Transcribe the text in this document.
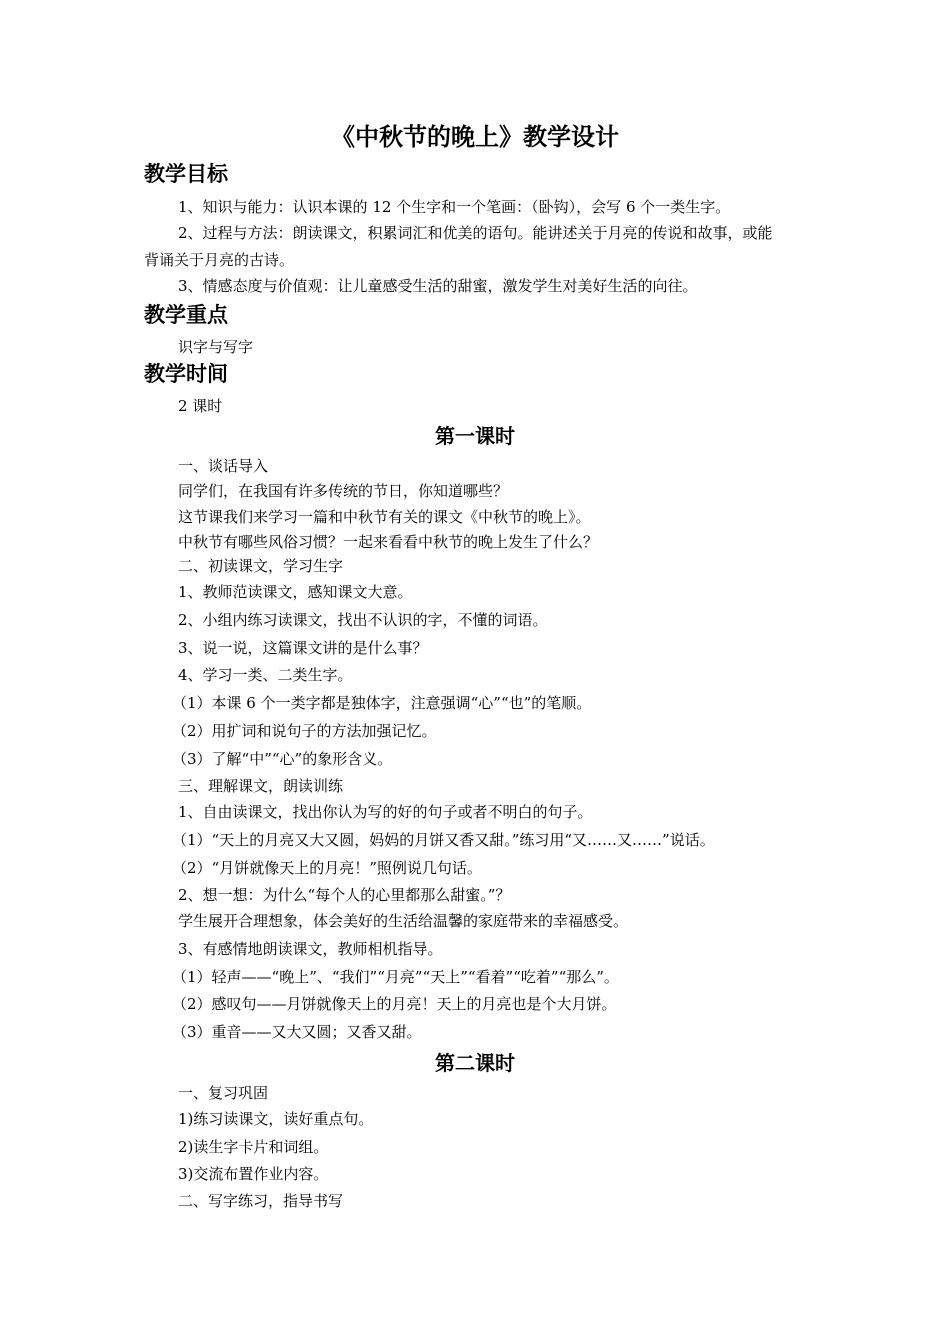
《中秋节的晚上》教学设计
教学目标
1、知识与能力：认识本课的 12 个生字和一个笔画：（卧钩），会写 6 个一类生字。
2、过程与方法：朗读课文，积累词汇和优美的语句。能讲述关于月亮的传说和故事，或能
背诵关于月亮的古诗。
3、情感态度与价值观：让儿童感受生活的甜蜜，激发学生对美好生活的向往。
教学重点
识字与写字
教学时间
2 课时
第一课时
一、谈话导入
同学们，在我国有许多传统的节日，你知道哪些？
这节课我们来学习一篇和中秋节有关的课文《中秋节的晚上》。
中秋节有哪些风俗习惯？一起来看看中秋节的晚上发生了什么？
二、初读课文，学习生字
1、教师范读课文，感知课文大意。
2、小组内练习读课文，找出不认识的字，不懂的词语。
3、说一说，这篇课文讲的是什么事？
4、学习一类、二类生字。
（1）本课 6 个一类字都是独体字，注意强调“心”“也”的笔顺。
（2）用扩词和说句子的方法加强记忆。
（3）了解“中”“心”的象形含义。
三、理解课文，朗读训练
1、自由读课文，找出你认为写的好的句子或者不明白的句子。
（1）“天上的月亮又大又圆，妈妈的月饼又香又甜。”练习用“又……又……”说话。
（2）“月饼就像天上的月亮！”照例说几句话。
2、想一想：为什么“每个人的心里都那么甜蜜。”？
学生展开合理想象，体会美好的生活给温馨的家庭带来的幸福感受。
3、有感情地朗读课文，教师相机指导。
（1）轻声——“晚上”、“我们”“月亮”“天上”“看着”“吃着”“那么”。
（2）感叹句——月饼就像天上的月亮！天上的月亮也是个大月饼。
（3）重音——又大又圆；又香又甜。
第二课时
一、复习巩固
1)练习读课文，读好重点句。
2)读生字卡片和词组。
3)交流布置作业内容。
二、写字练习，指导书写
